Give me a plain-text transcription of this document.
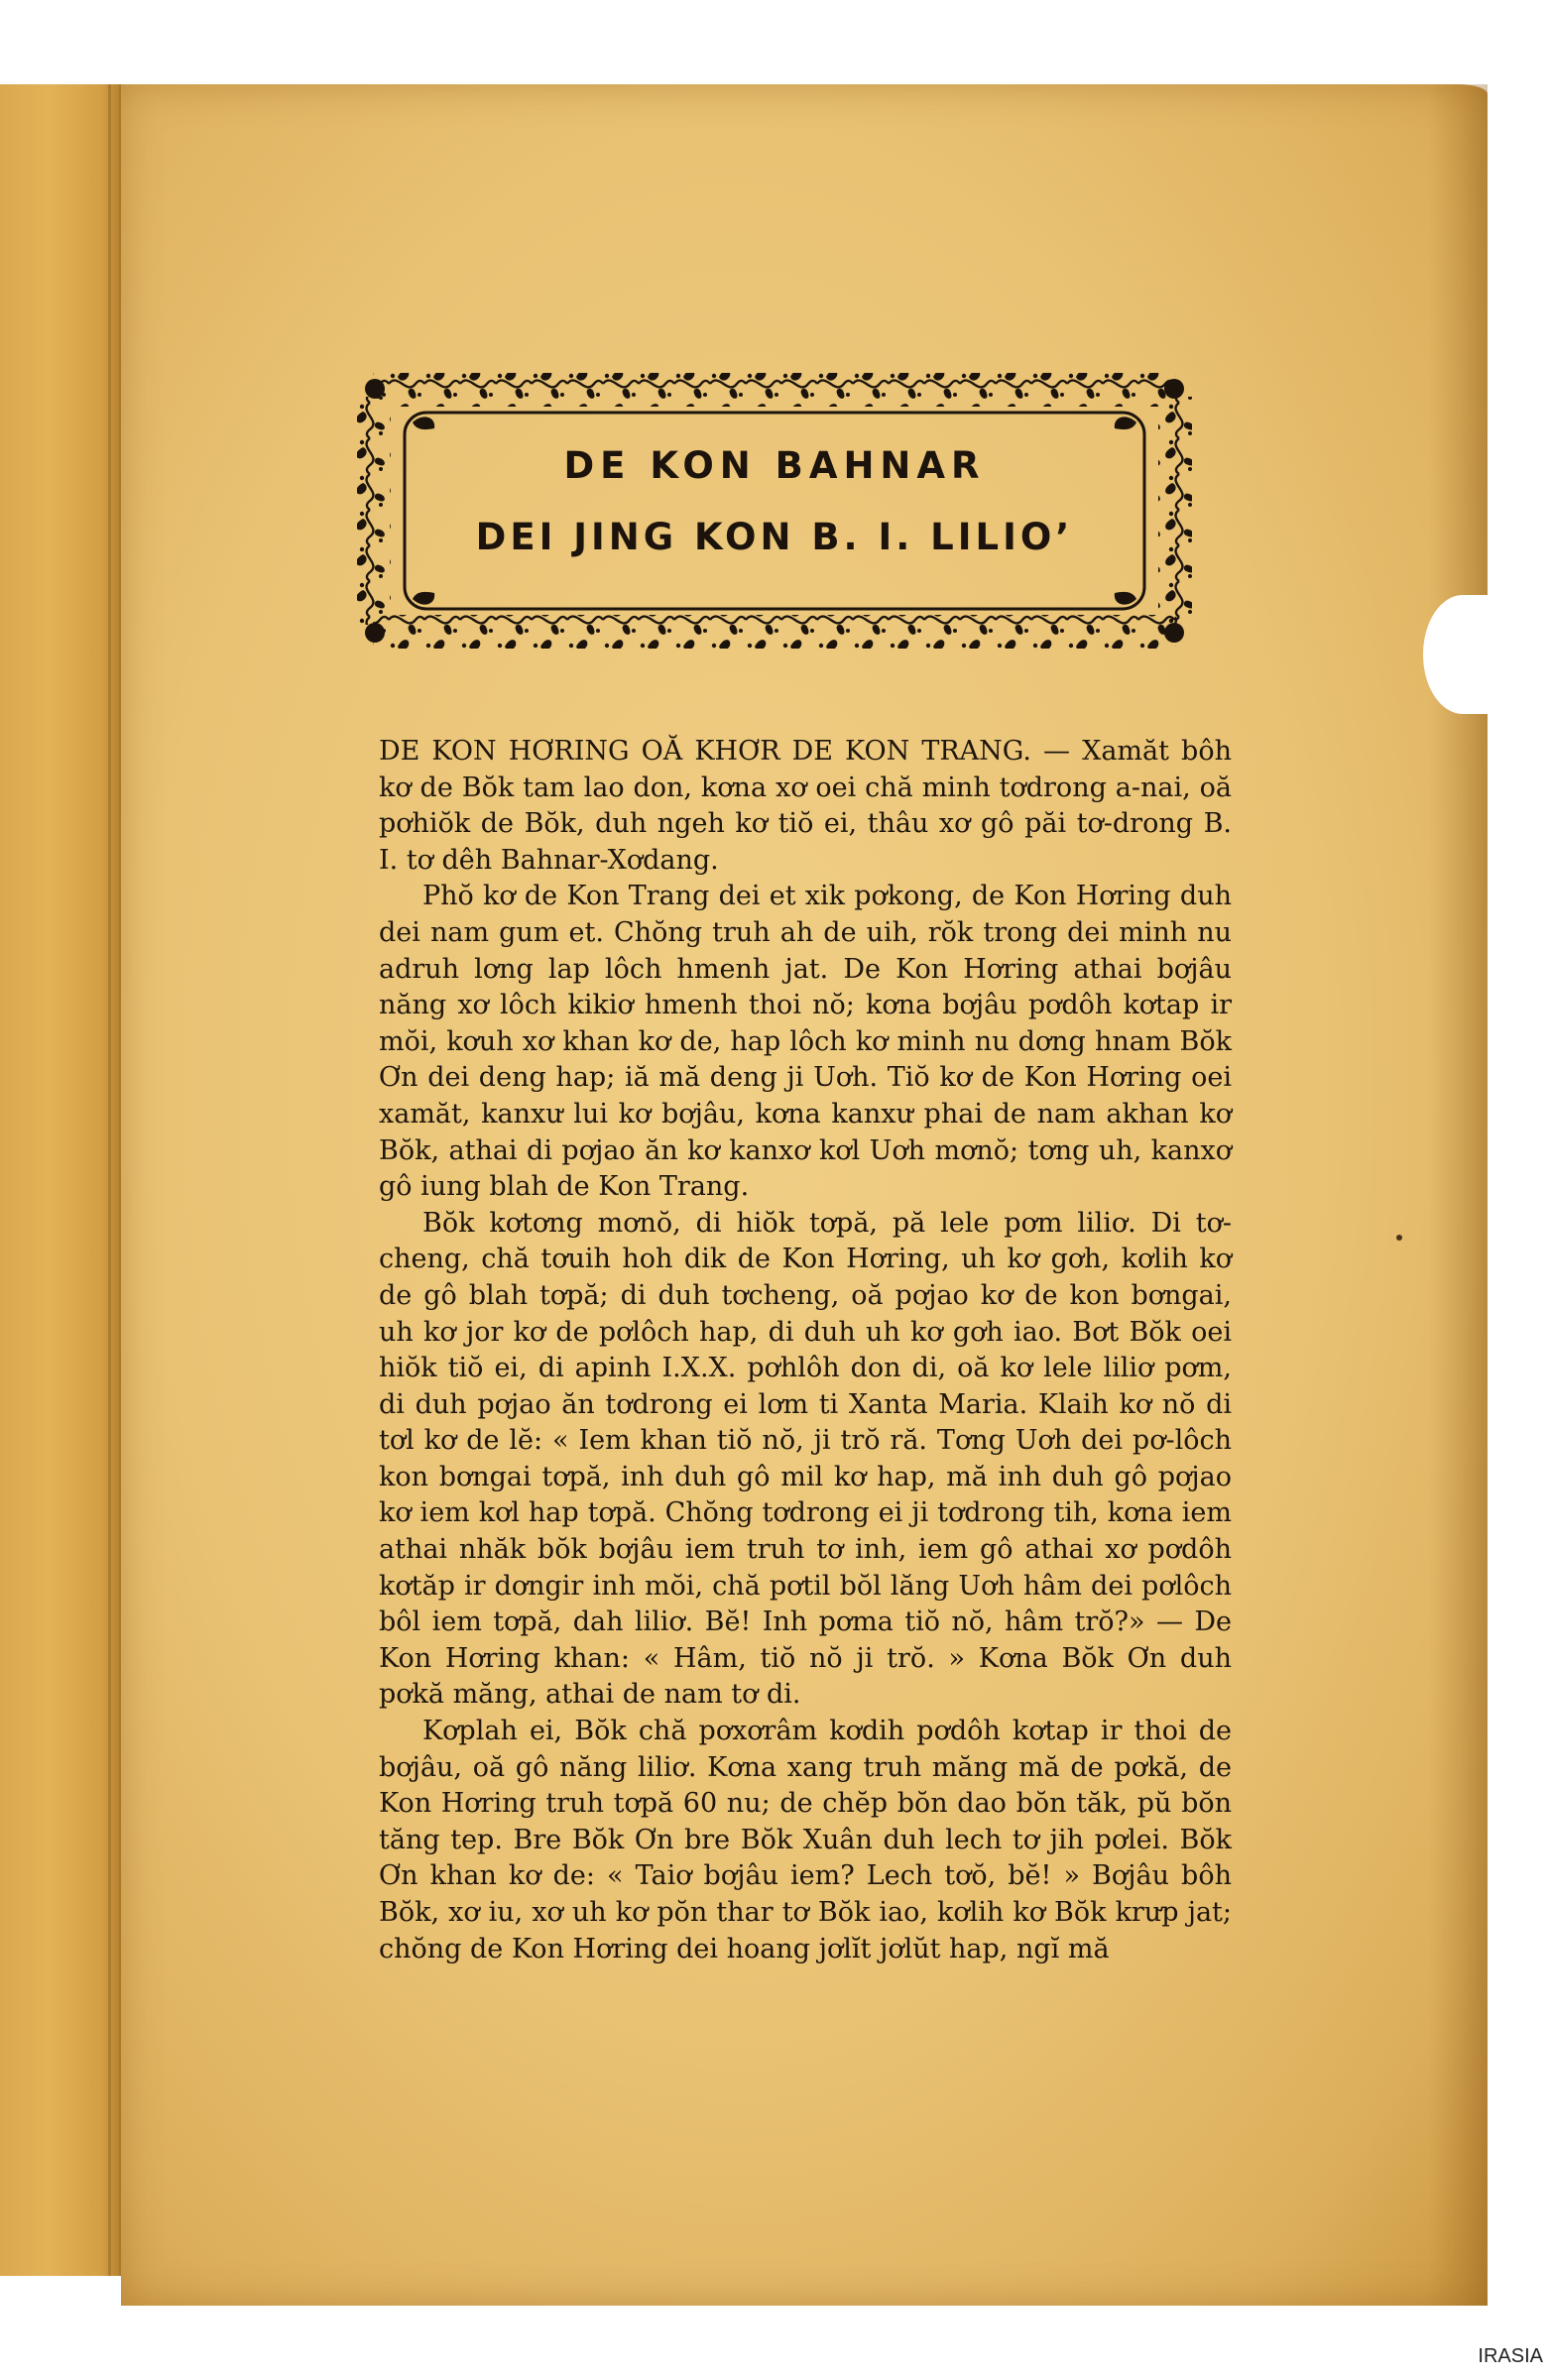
DE KON BAHNAR
DEI JING KON B. I. LILIO’

DE KON HƠRING OĂ KHƠR DE KON TRANG. — Xamăt bôh kơ de Bŏk tam lao don, kơna xơ oei chă minh tơdrong a-nai, oă pơhiŏk de Bŏk, duh ngeh kơ tiŏ ei, thâu xơ gô păi tơ-drong B. I. tơ dêh Bahnar-Xơdang.

Phŏ kơ de Kon Trang dei et xik pơkong, de Kon Hơring duh dei nam gum et. Chŏng truh ah de uih, rŏk trong dei minh nu adruh lơng lap lôch hmenh jat. De Kon Hơring athai bơjâu năng xơ lôch kikiơ hmenh thoi nŏ; kơna bơjâu pơdôh kơtap ir mŏi, kơuh xơ khan kơ de, hap lôch kơ minh nu dơng hnam Bŏk Ơn dei deng hap; iă mă deng ji Uơh. Tiŏ kơ de Kon Hơring oei xamăt, kanxư lui kơ bơjâu, kơna kanxư phai de nam akhan kơ Bŏk, athai di pơjao ăn kơ kanxơ kơl Uơh mơnŏ; tơng uh, kanxơ gô iung blah de Kon Trang.

Bŏk kơtơng mơnŏ, di hiŏk tơpă, pă lele pơm liliơ. Di tơ-cheng, chă tơuih hoh dik de Kon Hơring, uh kơ gơh, kơlih kơ de gô blah tơpă; di duh tơcheng, oă pơjao kơ de kon bơngai, uh kơ jor kơ de pơlôch hap, di duh uh kơ gơh iao. Bơt Bŏk oei hiŏk tiŏ ei, di apinh I.X.X. pơhlôh don di, oă kơ lele liliơ pơm, di duh pơjao ăn tơdrong ei lơm ti Xanta Maria. Klaih kơ nŏ di tơl kơ de lĕ: « Iem khan tiŏ nŏ, ji trŏ ră. Tơng Uơh dei pơ-lôch kon bơngai tơpă, inh duh gô mil kơ hap, mă inh duh gô pơjao kơ iem kơl hap tơpă. Chŏng tơdrong ei ji tơdrong tih, kơna iem athai nhăk bŏk bơjâu iem truh tơ inh, iem gô athai xơ pơdôh kơtăp ir dơngir inh mŏi, chă pơtil bŏl lăng Uơh hâm dei pơlôch bôl iem tơpă, dah liliơ. Bĕ! Inh pơma tiŏ nŏ, hâm trŏ?» — De Kon Hơring khan: « Hâm, tiŏ nŏ ji trŏ. » Kơna Bŏk Ơn duh pơkă măng, athai de nam tơ di.

Kơplah ei, Bŏk chă pơxơrâm kơdih pơdôh kơtap ir thoi de bơjâu, oă gô năng liliơ. Kơna xang truh măng mă de pơkă, de Kon Hơring truh tơpă 60 nu; de chĕp bŏn dao bŏn tăk, pŭ bŏn tăng tep. Bre Bŏk Ơn bre Bŏk Xuân duh lech tơ jih pơlei. Bŏk Ơn khan kơ de: « Taiơ bơjâu iem? Lech tơŏ, bĕ! » Bơjâu bôh Bŏk, xơ iu, xơ uh kơ pŏn thar tơ Bŏk iao, kơlih kơ Bŏk krưp jat; chŏng de Kon Hơring dei hoang jơlĭt jơlŭt hap, ngĭ mă

IRASIA
